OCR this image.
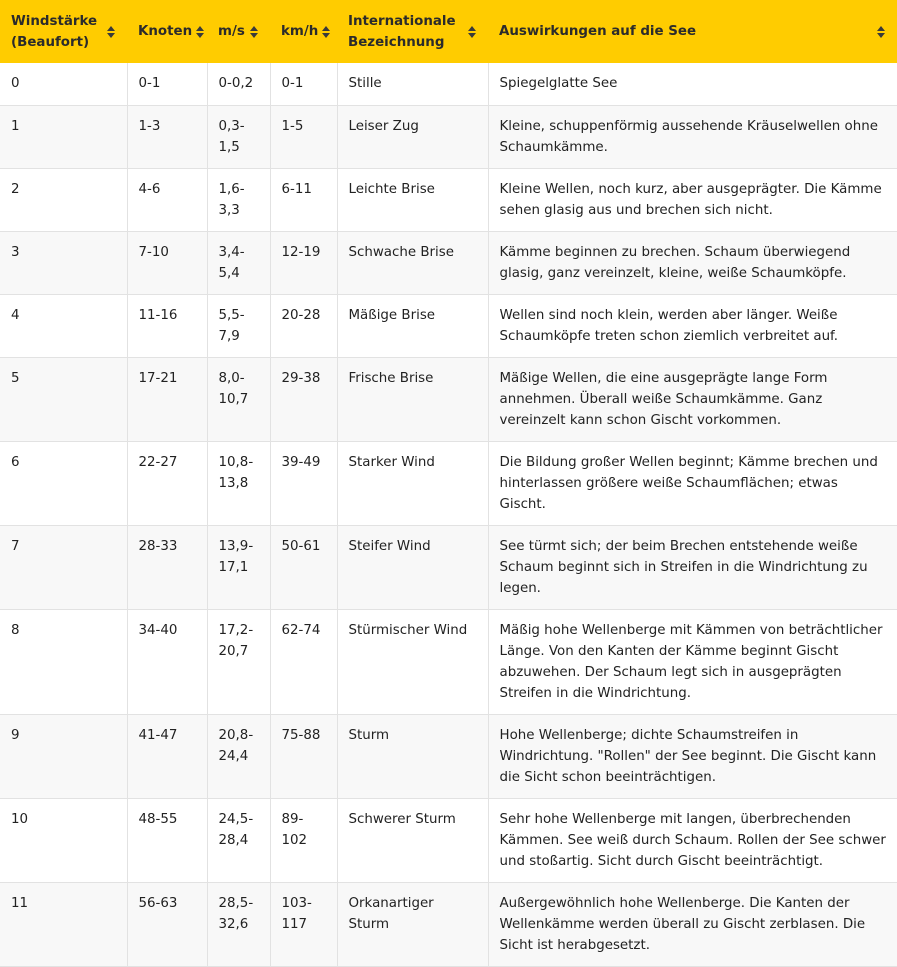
Windstärke (Beaufort)	Knoten	m/s	km/h	Internationale Bezeichnung	Auswirkungen auf die See

0	0-1	0-0,2	0-1	Stille	Spiegelglatte See
1	1-3	0,3-1,5	1-5	Leiser Zug	Kleine, schuppenförmig aussehende Kräuselwellen ohne Schaumkämme.
2	4-6	1,6-3,3	6-11	Leichte Brise	Kleine Wellen, noch kurz, aber ausgeprägter. Die Kämme sehen glasig aus und brechen sich nicht.
3	7-10	3,4-5,4	12-19	Schwache Brise	Kämme beginnen zu brechen. Schaum überwiegend glasig, ganz vereinzelt, kleine, weiße Schaumköpfe.
4	11-16	5,5-7,9	20-28	Mäßige Brise	Wellen sind noch klein, werden aber länger. Weiße Schaumköpfe treten schon ziemlich verbreitet auf.
5	17-21	8,0-10,7	29-38	Frische Brise	Mäßige Wellen, die eine ausgeprägte lange Form annehmen. Überall weiße Schaumkämme. Ganz vereinzelt kann schon Gischt vorkommen.
6	22-27	10,8-13,8	39-49	Starker Wind	Die Bildung großer Wellen beginnt; Kämme brechen und hinterlassen größere weiße Schaumflächen; etwas Gischt.
7	28-33	13,9-17,1	50-61	Steifer Wind	See türmt sich; der beim Brechen entstehende weiße Schaum beginnt sich in Streifen in die Windrichtung zu legen.
8	34-40	17,2-20,7	62-74	Stürmischer Wind	Mäßig hohe Wellenberge mit Kämmen von beträchtlicher Länge. Von den Kanten der Kämme beginnt Gischt abzuwehen. Der Schaum legt sich in ausgeprägten Streifen in die Windrichtung.
9	41-47	20,8-24,4	75-88	Sturm	Hohe Wellenberge; dichte Schaumstreifen in Windrichtung. "Rollen" der See beginnt. Die Gischt kann die Sicht schon beeinträchtigen.
10	48-55	24,5-28,4	89-102	Schwerer Sturm	Sehr hohe Wellenberge mit langen, überbrechenden Kämmen. See weiß durch Schaum. Rollen der See schwer und stoßartig. Sicht durch Gischt beeinträchtigt.
11	56-63	28,5-32,6	103-117	Orkanartiger Sturm	Außergewöhnlich hohe Wellenberge. Die Kanten der Wellenkämme werden überall zu Gischt zerblasen. Die Sicht ist herabgesetzt.
